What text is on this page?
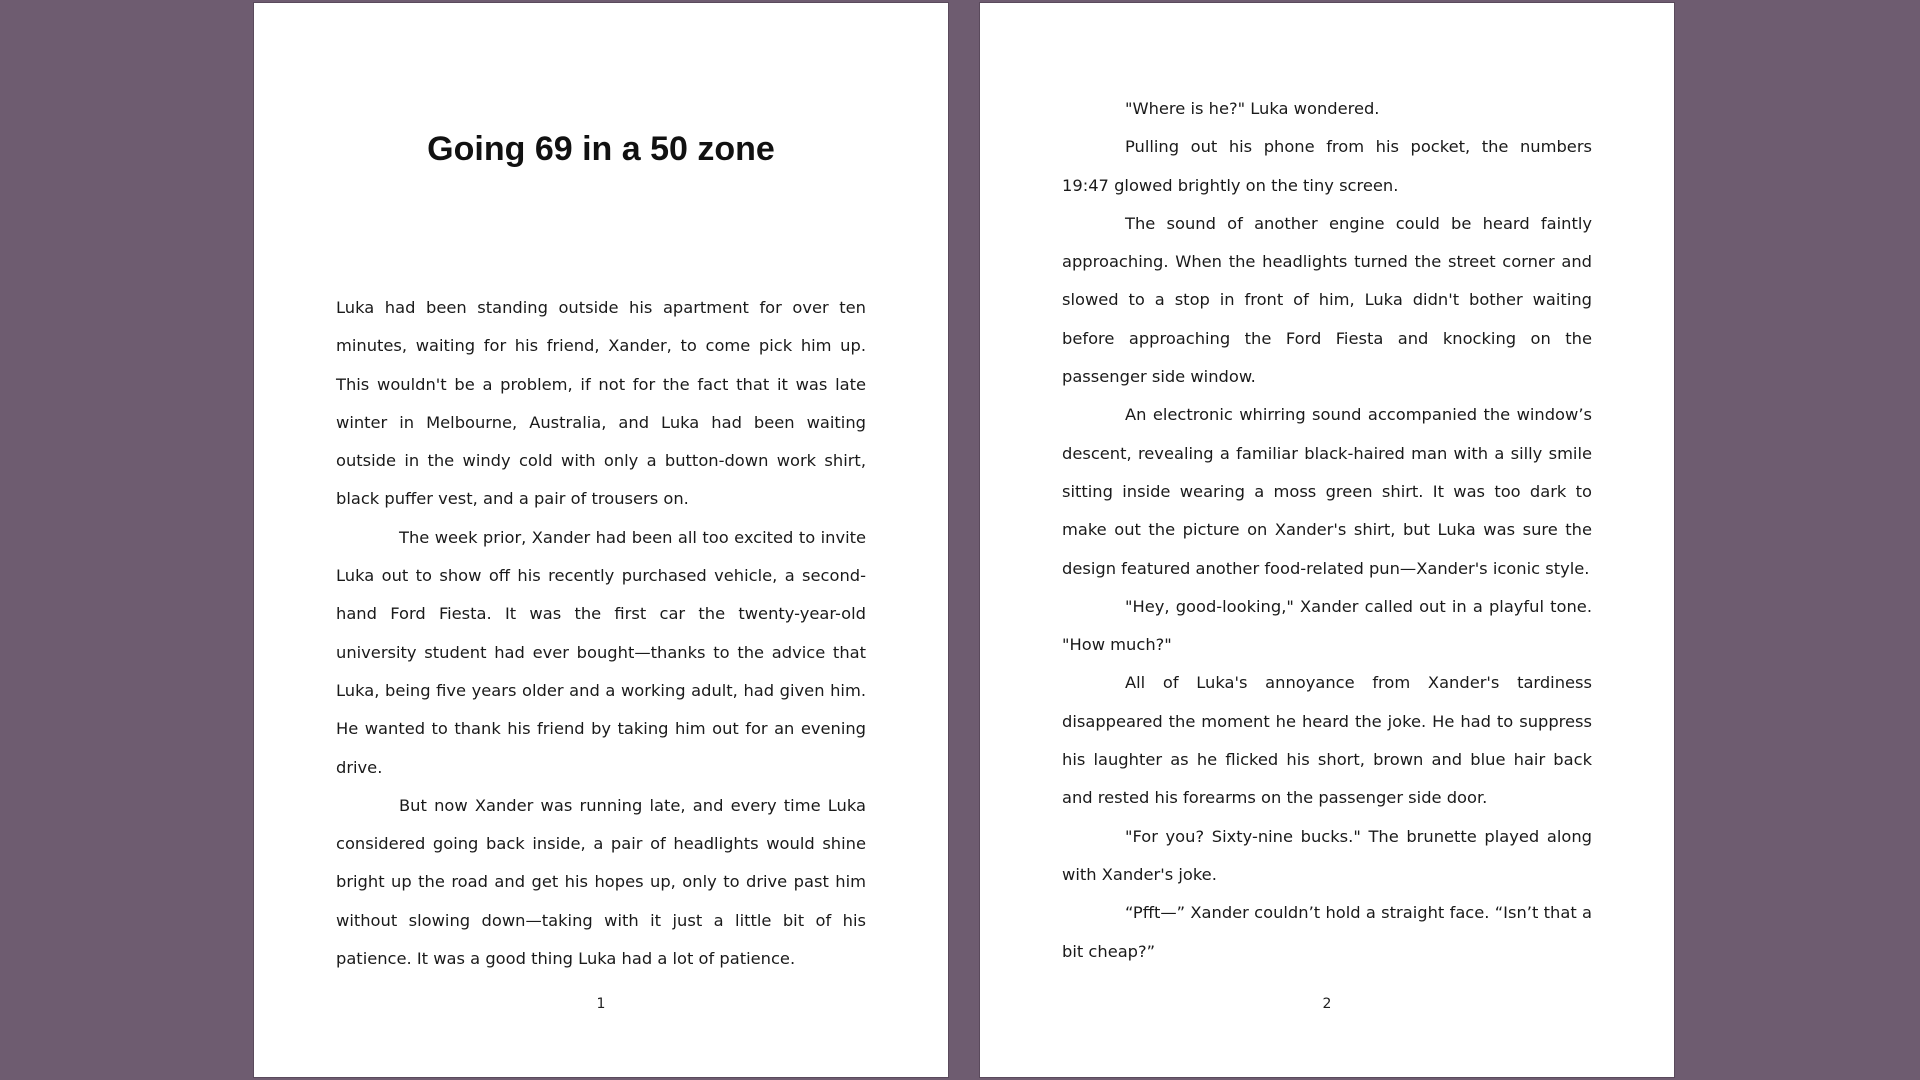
Going 69 in a 50 zone

Luka had been standing outside his apartment for over ten minutes, waiting for his friend, Xander, to come pick him up. This wouldn't be a problem, if not for the fact that it was late winter in Melbourne, Australia, and Luka had been waiting outside in the windy cold with only a button-down work shirt, black puffer vest, and a pair of trousers on.

The week prior, Xander had been all too excited to invite Luka out to show off his recently purchased vehicle, a second-hand Ford Fiesta. It was the first car the twenty-year-old university student had ever bought—thanks to the advice that Luka, being five years older and a working adult, had given him. He wanted to thank his friend by taking him out for an evening drive.

But now Xander was running late, and every time Luka considered going back inside, a pair of headlights would shine bright up the road and get his hopes up, only to drive past him without slowing down—taking with it just a little bit of his patience. It was a good thing Luka had a lot of patience.

1

"Where is he?" Luka wondered.

Pulling out his phone from his pocket, the numbers 19:47 glowed brightly on the tiny screen.

The sound of another engine could be heard faintly approaching. When the headlights turned the street corner and slowed to a stop in front of him, Luka didn't bother waiting before approaching the Ford Fiesta and knocking on the passenger side window.

An electronic whirring sound accompanied the window’s descent, revealing a familiar black-haired man with a silly smile sitting inside wearing a moss green shirt. It was too dark to make out the picture on Xander's shirt, but Luka was sure the design featured another food-related pun—Xander's iconic style.

"Hey, good-looking," Xander called out in a playful tone. "How much?"

All of Luka's annoyance from Xander's tardiness disappeared the moment he heard the joke. He had to suppress his laughter as he flicked his short, brown and blue hair back and rested his forearms on the passenger side door.

"For you? Sixty-nine bucks." The brunette played along with Xander's joke.

“Pfft—” Xander couldn’t hold a straight face. “Isn’t that a bit cheap?”

2
